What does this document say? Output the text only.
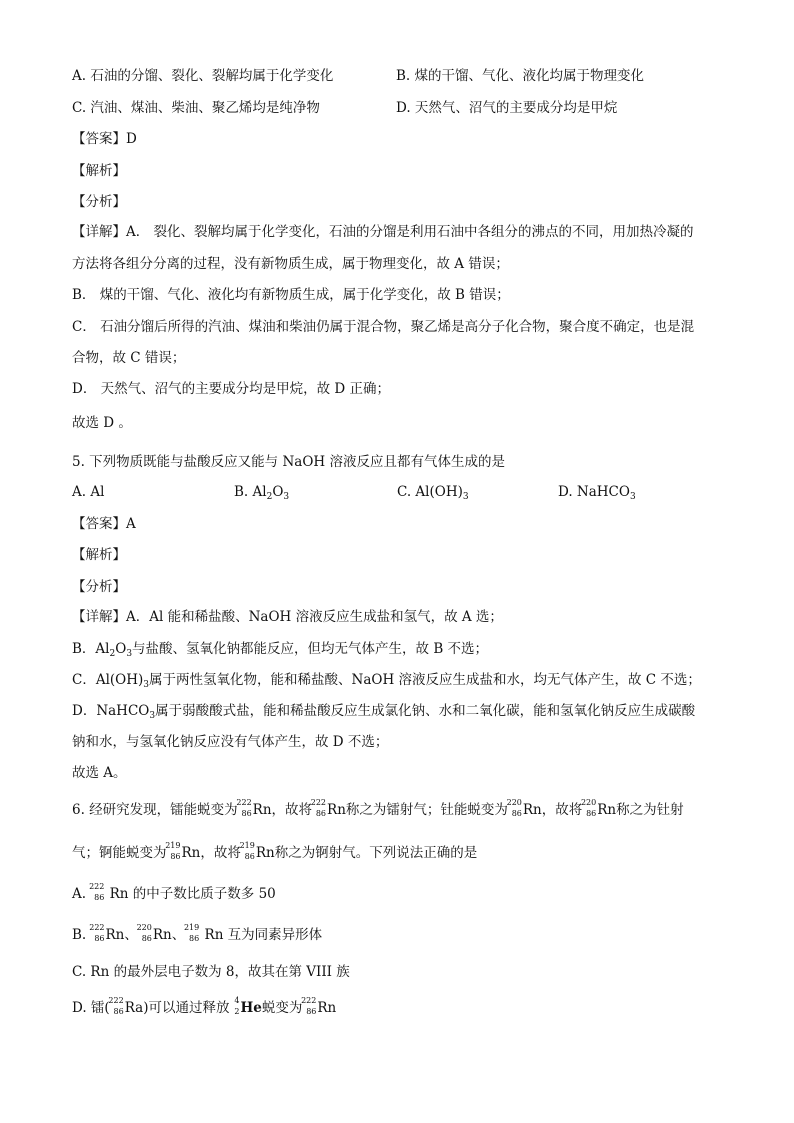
A. 石油的分馏、裂化、裂解均属于化学变化	B. 煤的干馏、气化、液化均属于物理变化
C. 汽油、煤油、柴油、聚乙烯均是纯净物	D. 天然气、沼气的主要成分均是甲烷
【答案】D
【解析】
【分析】
【详解】A． 裂化、裂解均属于化学变化，石油的分馏是利用石油中各组分的沸点的不同，用加热冷凝的
方法将各组分分离的过程，没有新物质生成，属于物理变化，故 A 错误；
B． 煤的干馏、气化、液化均有新物质生成，属于化学变化，故 B 错误；
C． 石油分馏后所得的汽油、煤油和柴油仍属于混合物，聚乙烯是高分子化合物，聚合度不确定，也是混
合物，故 C 错误；
D． 天然气、沼气的主要成分均是甲烷，故 D 正确；
故选 D 。
5. 下列物质既能与盐酸反应又能与 NaOH 溶液反应且都有气体生成的是
A. Al	B. $Al_2O_3$	C. $Al(OH)_3$	D. NaHCO$_3$
【答案】A
【解析】
【分析】
【详解】A．Al 能和稀盐酸、NaOH 溶液反应生成盐和氢气，故 A 选；
B．$Al_2O_3$与盐酸、氢氧化钠都能反应，但均无气体产生，故 B 不选；
C．$Al(OH)_3$属于两性氢氧化物，能和稀盐酸、NaOH 溶液反应生成盐和水，均无气体产生，故 C 不选；
D．NaHCO$_3$属于弱酸酸式盐，能和稀盐酸反应生成氯化钠、水和二氧化碳，能和氢氧化钠反应生成碳酸
钠和水，与氢氧化钠反应没有气体产生，故 D 不选；
故选 A。
6. 经研究发现，镭能蜕变为
222
86 Rn，故将
222
86 Rn称之为镭射气；钍能蜕变为
220
86 Rn，故将
220
86 Rn称之为钍射
气；锕能蜕变为
219
86 Rn，故将
219
86 Rn称之为锕射气。下列说法正确的是
A.
222
86 Rn 的中子数比质子数多 50
B.
222
86 Rn、
220
86 Rn、
219
86 Rn 互为同素异形体
C. Rn 的最外层电子数为 8，故其在第 VIII 族
D. 镭(
222
86 Ra)可以通过释放 4
2 He蜕变为
222
86 Rn
